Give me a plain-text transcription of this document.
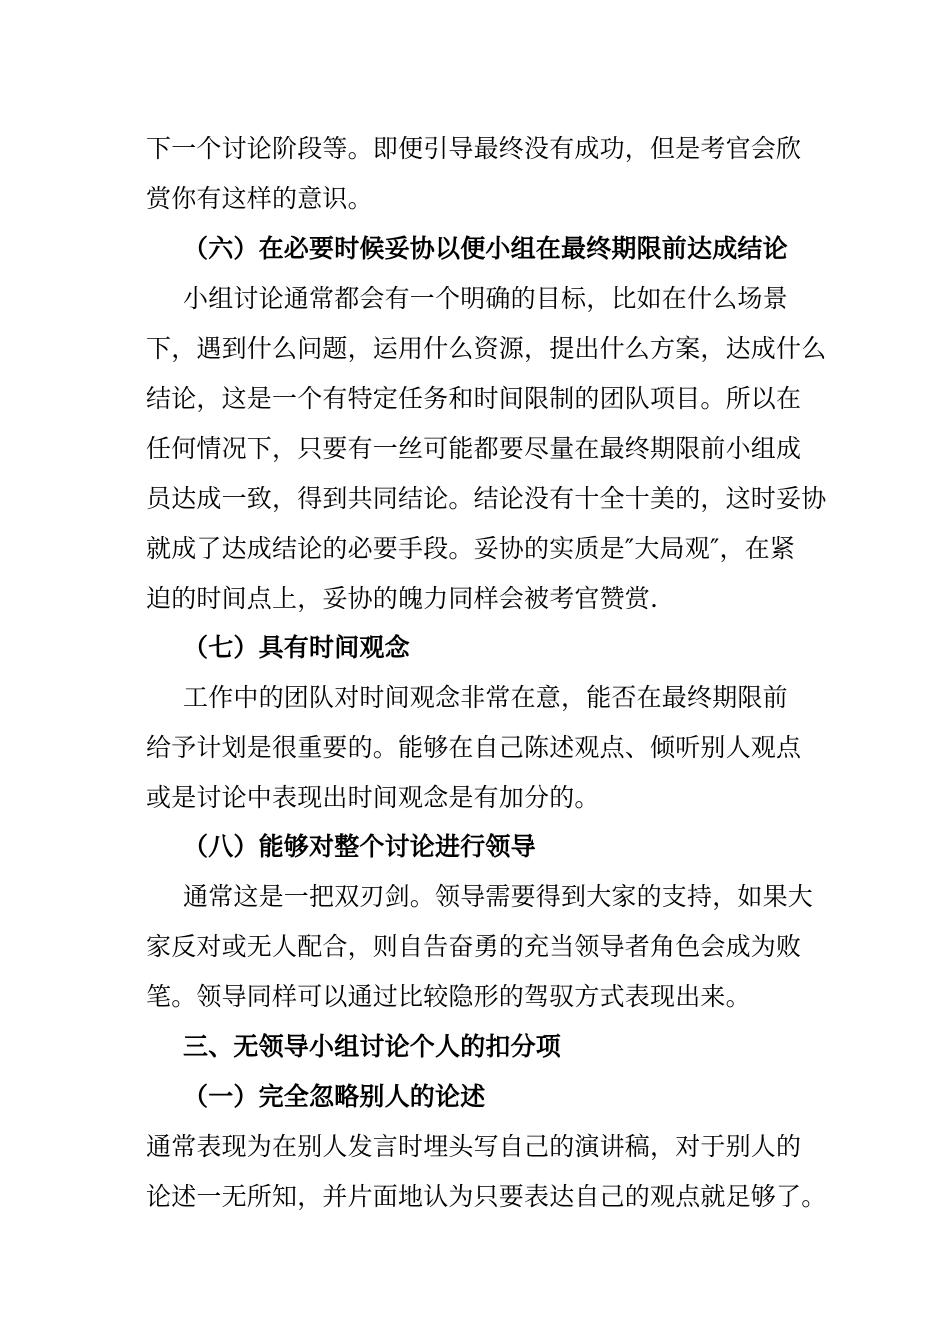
下一个讨论阶段等。即便引导最终没有成功，但是考官会欣
赏你有这样的意识。
（六）在必要时候妥协以便小组在最终期限前达成结论
小组讨论通常都会有一个明确的目标，比如在什么场景
下，遇到什么问题，运用什么资源，提出什么方案，达成什么
结论，这是一个有特定任务和时间限制的团队项目。所以在
任何情况下，只要有一丝可能都要尽量在最终期限前小组成
员达成一致，得到共同结论。结论没有十全十美的，这时妥协
就成了达成结论的必要手段。妥协的实质是″大局观″，在紧
迫的时间点上，妥协的魄力同样会被考官赞赏.
（七）具有时间观念
工作中的团队对时间观念非常在意，能否在最终期限前
给予计划是很重要的。能够在自己陈述观点、倾听别人观点
或是讨论中表现出时间观念是有加分的。
（八）能够对整个讨论进行领导
通常这是一把双刃剑。领导需要得到大家的支持，如果大
家反对或无人配合，则自告奋勇的充当领导者角色会成为败
笔。领导同样可以通过比较隐形的驾驭方式表现出来。
三、无领导小组讨论个人的扣分项
（一）完全忽略别人的论述
通常表现为在别人发言时埋头写自己的演讲稿，对于别人的
论述一无所知，并片面地认为只要表达自己的观点就足够了。
